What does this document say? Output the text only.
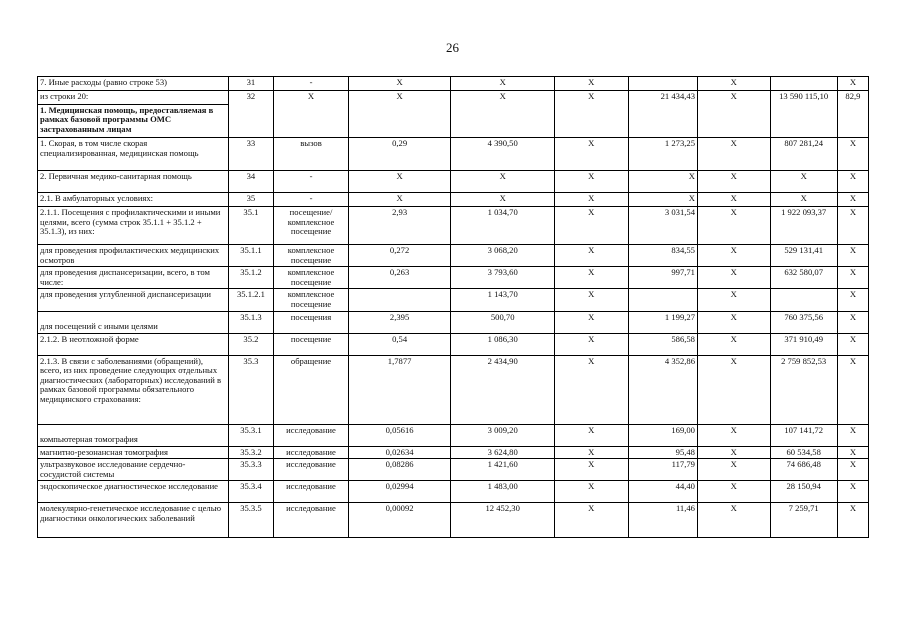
26
7. Иные расходы (равно строке 53)	31	-	Х	Х	Х		Х		Х
из строки 20:
1. Медицинская помощь, предоставляемая в рамках базовой программы ОМС застрахованным лицам	32	Х	Х	Х	Х	21 434,43	Х	13 590 115,10	82,9
1. Скорая, в том числе скорая специализированная, медицинская помощь	33	вызов	0,29	4 390,50	Х	1 273,25	Х	807 281,24	Х
2. Первичная медико-санитарная помощь	34	-	Х	Х	Х	Х	Х	Х	Х
2.1. В амбулаторных условиях:	35	-	Х	Х	Х	Х	Х	Х	Х
2.1.1. Посещения с профилактическими и иными целями, всего (сумма строк 35.1.1 + 35.1.2 + 35.1.3), из них:	35.1	посещение/ комплексное посещение	2,93	1 034,70	Х	3 031,54	Х	1 922 093,37	Х
для проведения профилактических медицинских осмотров	35.1.1	комплексное посещение	0,272	3 068,20	Х	834,55	Х	529 131,41	Х
для проведения диспансеризации, всего, в том числе:	35.1.2	комплексное посещение	0,263	3 793,60	Х	997,71	Х	632 580,07	Х
для проведения углубленной диспансеризации	35.1.2.1	комплексное посещение		1 143,70	Х		Х		Х
для посещений с иными целями	35.1.3	посещения	2,395	500,70	Х	1 199,27	Х	760 375,56	Х
2.1.2. В неотложной форме	35.2	посещение	0,54	1 086,30	Х	586,58	Х	371 910,49	Х
2.1.3. В связи с заболеваниями (обращений), всего, из них проведение следующих отдельных диагностических (лабораторных) исследований в рамках базовой программы обязательного медицинского страхования:	35.3	обращение	1,7877	2 434,90	Х	4 352,86	Х	2 759 852,53	Х
компьютерная томография	35.3.1	исследование	0,05616	3 009,20	Х	169,00	Х	107 141,72	Х
магнитно-резонансная томография	35.3.2	исследование	0,02634	3 624,80	Х	95,48	Х	60 534,58	Х
ультразвуковое исследование сердечно-сосудистой системы	35.3.3	исследование	0,08286	1 421,60	Х	117,79	Х	74 686,48	Х
эндоскопическое диагностическое исследование	35.3.4	исследование	0,02994	1 483,00	Х	44,40	Х	28 150,94	Х
молекулярно-генетическое исследование с целью диагностики онкологических заболеваний	35.3.5	исследование	0,00092	12 452,30	Х	11,46	Х	7 259,71	Х
